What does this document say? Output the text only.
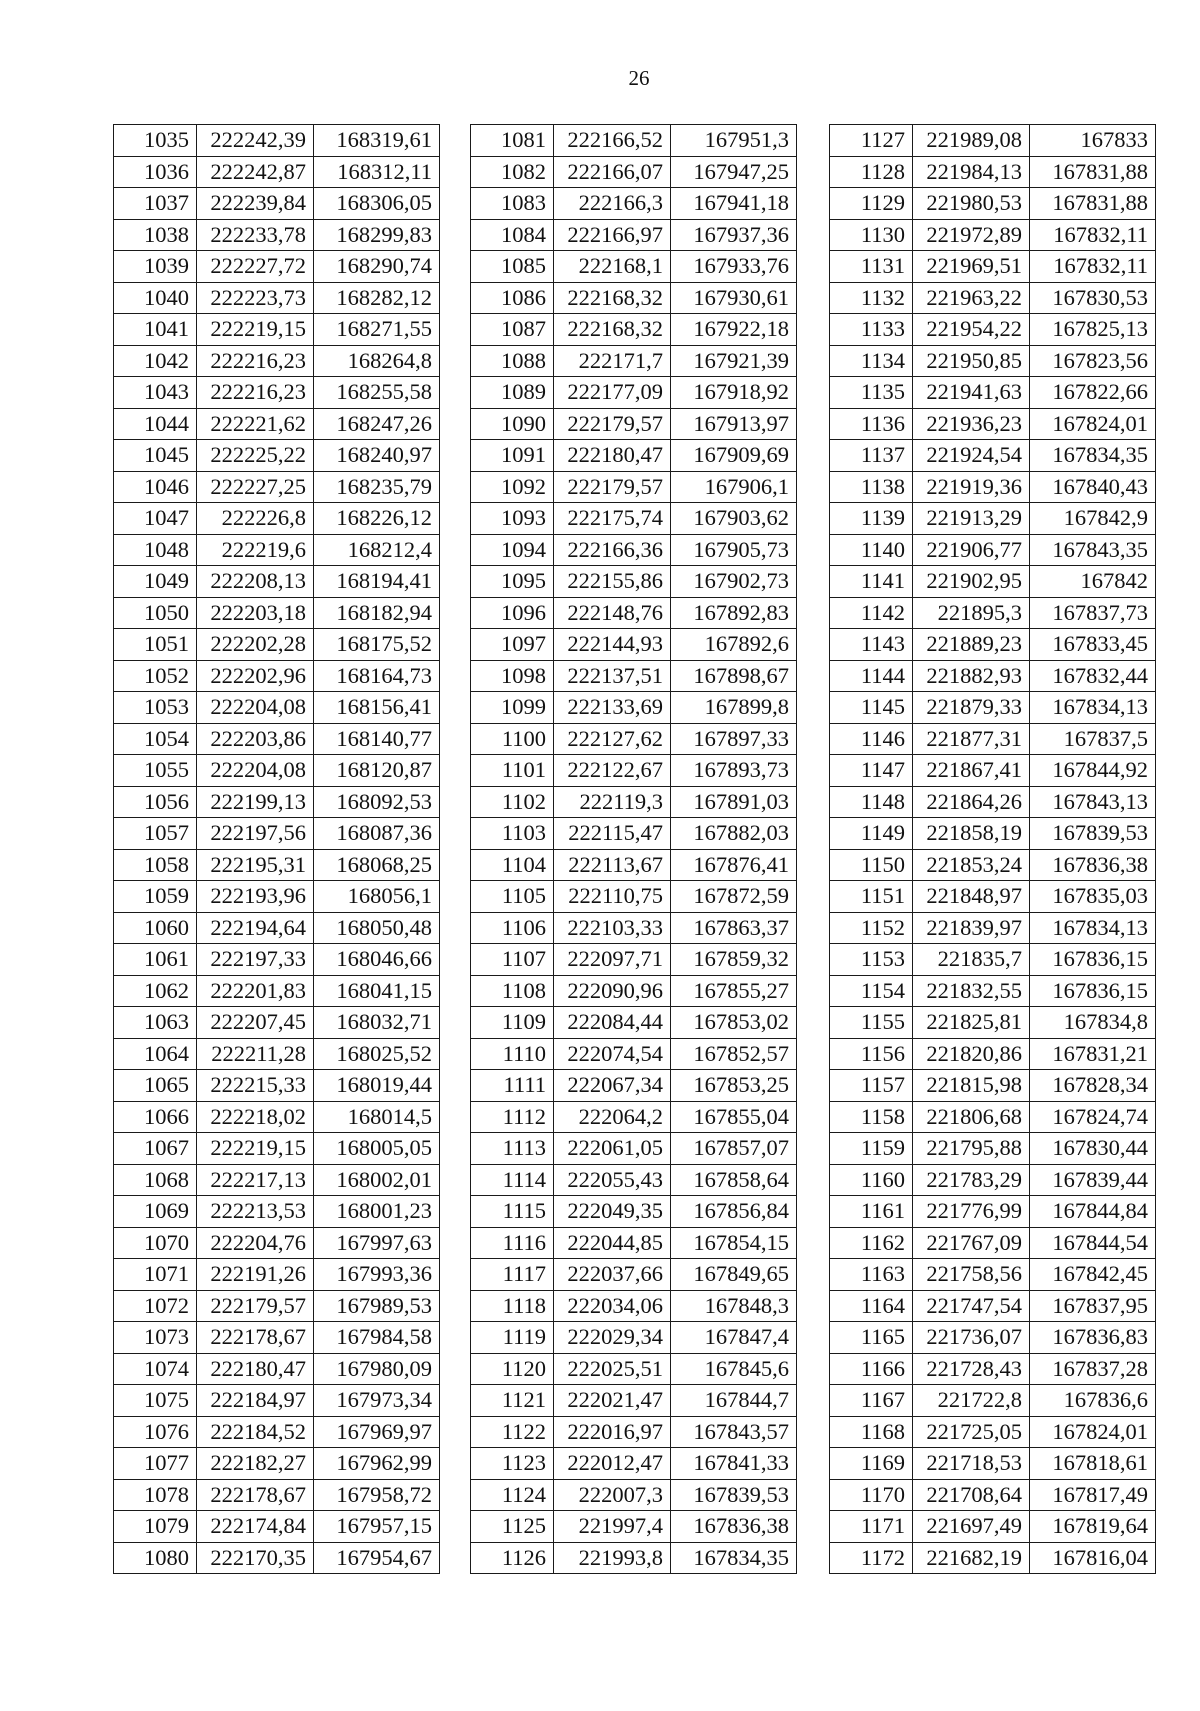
26
1035	222242,39	168319,61
1036	222242,87	168312,11
1037	222239,84	168306,05
1038	222233,78	168299,83
1039	222227,72	168290,74
1040	222223,73	168282,12
1041	222219,15	168271,55
1042	222216,23	168264,8
1043	222216,23	168255,58
1044	222221,62	168247,26
1045	222225,22	168240,97
1046	222227,25	168235,79
1047	222226,8	168226,12
1048	222219,6	168212,4
1049	222208,13	168194,41
1050	222203,18	168182,94
1051	222202,28	168175,52
1052	222202,96	168164,73
1053	222204,08	168156,41
1054	222203,86	168140,77
1055	222204,08	168120,87
1056	222199,13	168092,53
1057	222197,56	168087,36
1058	222195,31	168068,25
1059	222193,96	168056,1
1060	222194,64	168050,48
1061	222197,33	168046,66
1062	222201,83	168041,15
1063	222207,45	168032,71
1064	222211,28	168025,52
1065	222215,33	168019,44
1066	222218,02	168014,5
1067	222219,15	168005,05
1068	222217,13	168002,01
1069	222213,53	168001,23
1070	222204,76	167997,63
1071	222191,26	167993,36
1072	222179,57	167989,53
1073	222178,67	167984,58
1074	222180,47	167980,09
1075	222184,97	167973,34
1076	222184,52	167969,97
1077	222182,27	167962,99
1078	222178,67	167958,72
1079	222174,84	167957,15
1080	222170,35	167954,67
1081	222166,52	167951,3
1082	222166,07	167947,25
1083	222166,3	167941,18
1084	222166,97	167937,36
1085	222168,1	167933,76
1086	222168,32	167930,61
1087	222168,32	167922,18
1088	222171,7	167921,39
1089	222177,09	167918,92
1090	222179,57	167913,97
1091	222180,47	167909,69
1092	222179,57	167906,1
1093	222175,74	167903,62
1094	222166,36	167905,73
1095	222155,86	167902,73
1096	222148,76	167892,83
1097	222144,93	167892,6
1098	222137,51	167898,67
1099	222133,69	167899,8
1100	222127,62	167897,33
1101	222122,67	167893,73
1102	222119,3	167891,03
1103	222115,47	167882,03
1104	222113,67	167876,41
1105	222110,75	167872,59
1106	222103,33	167863,37
1107	222097,71	167859,32
1108	222090,96	167855,27
1109	222084,44	167853,02
1110	222074,54	167852,57
1111	222067,34	167853,25
1112	222064,2	167855,04
1113	222061,05	167857,07
1114	222055,43	167858,64
1115	222049,35	167856,84
1116	222044,85	167854,15
1117	222037,66	167849,65
1118	222034,06	167848,3
1119	222029,34	167847,4
1120	222025,51	167845,6
1121	222021,47	167844,7
1122	222016,97	167843,57
1123	222012,47	167841,33
1124	222007,3	167839,53
1125	221997,4	167836,38
1126	221993,8	167834,35
1127	221989,08	167833
1128	221984,13	167831,88
1129	221980,53	167831,88
1130	221972,89	167832,11
1131	221969,51	167832,11
1132	221963,22	167830,53
1133	221954,22	167825,13
1134	221950,85	167823,56
1135	221941,63	167822,66
1136	221936,23	167824,01
1137	221924,54	167834,35
1138	221919,36	167840,43
1139	221913,29	167842,9
1140	221906,77	167843,35
1141	221902,95	167842
1142	221895,3	167837,73
1143	221889,23	167833,45
1144	221882,93	167832,44
1145	221879,33	167834,13
1146	221877,31	167837,5
1147	221867,41	167844,92
1148	221864,26	167843,13
1149	221858,19	167839,53
1150	221853,24	167836,38
1151	221848,97	167835,03
1152	221839,97	167834,13
1153	221835,7	167836,15
1154	221832,55	167836,15
1155	221825,81	167834,8
1156	221820,86	167831,21
1157	221815,98	167828,34
1158	221806,68	167824,74
1159	221795,88	167830,44
1160	221783,29	167839,44
1161	221776,99	167844,84
1162	221767,09	167844,54
1163	221758,56	167842,45
1164	221747,54	167837,95
1165	221736,07	167836,83
1166	221728,43	167837,28
1167	221722,8	167836,6
1168	221725,05	167824,01
1169	221718,53	167818,61
1170	221708,64	167817,49
1171	221697,49	167819,64
1172	221682,19	167816,04
